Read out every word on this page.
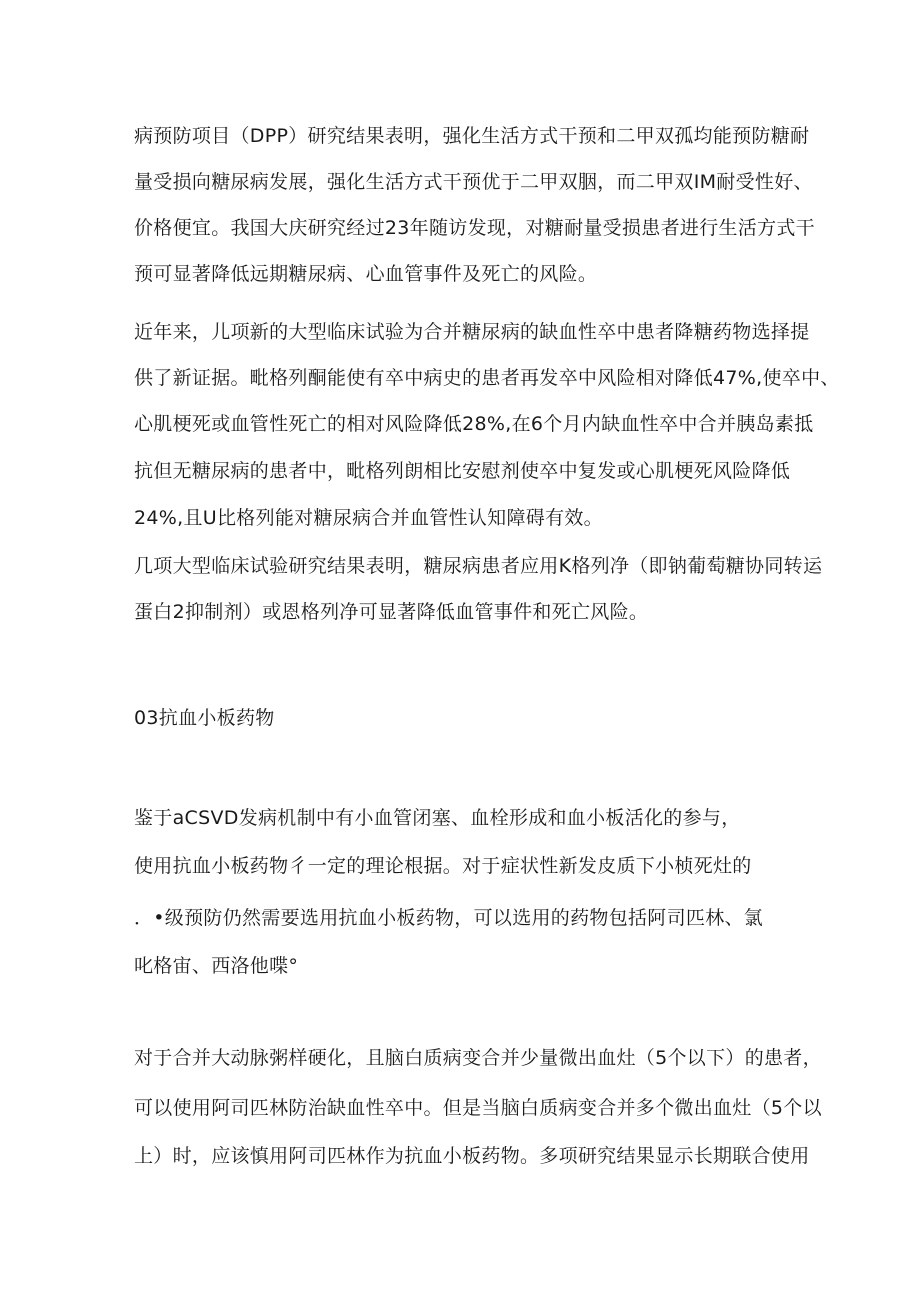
病预防项目（DPP）研究结果表明，强化生活方式干预和二甲双孤均能预防糖耐
量受损向糖尿病发展，强化生活方式干预优于二甲双胭，而二甲双IM耐受性好、
价格便宜。我国大庆研究经过23年随访发现，对糖耐量受损患者进行生活方式干
预可显著降低远期糖尿病、心血管事件及死亡的风险。
近年来，儿项新的大型临床试验为合并糖尿病的缺血性卒中患者降糖药物选择提
供了新证据。毗格列酮能使有卒中病史的患者再发卒中风险相对降低47%,使卒中、
心肌梗死或血管性死亡的相对风险降低28%,在6个月内缺血性卒中合并胰岛素抵
抗但无糖尿病的患者中，毗格列朗相比安慰剂使卒中复发或心肌梗死风险降低
24%,且U比格列能对糖尿病合并血管性认知障碍有效。
几项大型临床试验研究结果表明，糖尿病患者应用K格列净（即钠葡萄糖协同转运
蛋白2抑制剂）或恩格列净可显著降低血管事件和死亡风险。
03抗血小板药物
鉴于aCSVD发病机制中有小血管闭塞、血栓形成和血小板活化的参与，
使用抗血小板药物彳一定的理论根据。对于症状性新发皮质下小桢死灶的
．•级预防仍然需要选用抗血小板药物，可以选用的药物包括阿司匹林、氯
叱格宙、西洛他喋°
对于合并大动脉粥样硬化，且脑白质病变合并少量微出血灶（5个以下）的患者，
可以使用阿司匹林防治缺血性卒中。但是当脑白质病变合并多个微出血灶（5个以
上）时，应该慎用阿司匹林作为抗血小板药物。多项研究结果显示长期联合使用
